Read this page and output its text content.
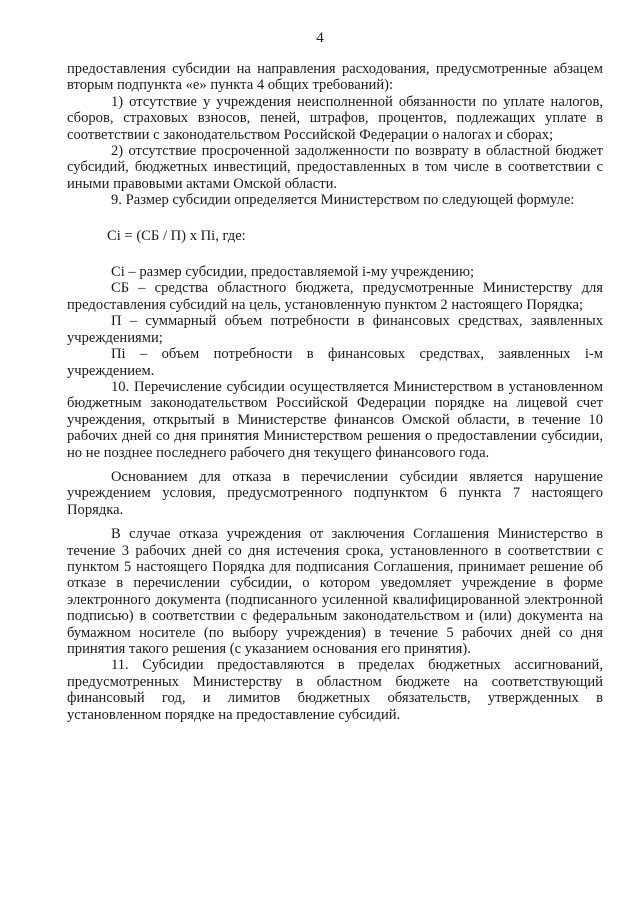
4

предоставления субсидии на направления расходования, предусмотренные абзацем вторым подпункта «е» пункта 4 общих требований):

1) отсутствие у учреждения неисполненной обязанности по уплате налогов, сборов, страховых взносов, пеней, штрафов, процентов, подлежащих уплате в соответствии с законодательством Российской Федерации о налогах и сборах;

2) отсутствие просроченной задолженности по возврату в областной бюджет субсидий, бюджетных инвестиций, предоставленных в том числе в соответствии с иными правовыми актами Омской области.

9. Размер субсидии определяется Министерством по следующей формуле:

Сi = (СБ / П) х Пi, где:

Сi – размер субсидии, предоставляемой i-му учреждению;

СБ – средства областного бюджета, предусмотренные Министерству для предоставления субсидий на цель, установленную пунктом 2 настоящего Порядка;

П – суммарный объем потребности в финансовых средствах, заявленных учреждениями;

Пi – объем потребности в финансовых средствах, заявленных i-м учреждением.

10. Перечисление субсидии осуществляется Министерством в установленном бюджетным законодательством Российской Федерации порядке на лицевой счет учреждения, открытый в Министерстве финансов Омской области, в течение 10 рабочих дней со дня принятия Министерством решения о предоставлении субсидии, но не позднее последнего рабочего дня текущего финансового года.

Основанием для отказа в перечислении субсидии является нарушение учреждением условия, предусмотренного подпунктом 6 пункта 7 настоящего Порядка.

В случае отказа учреждения от заключения Соглашения Министерство в течение 3 рабочих дней со дня истечения срока, установленного в соответствии с пунктом 5 настоящего Порядка для подписания Соглашения, принимает решение об отказе в перечислении субсидии, о котором уведомляет учреждение в форме электронного документа (подписанного усиленной квалифицированной электронной подписью) в соответствии с федеральным законодательством и (или) документа на бумажном носителе (по выбору учреждения) в течение 5 рабочих дней со дня принятия такого решения (с указанием основания его принятия).

11. Субсидии предоставляются в пределах бюджетных ассигнований, предусмотренных Министерству в областном бюджете на соответствующий финансовый год, и лимитов бюджетных обязательств, утвержденных в установленном порядке на предоставление субсидий.
